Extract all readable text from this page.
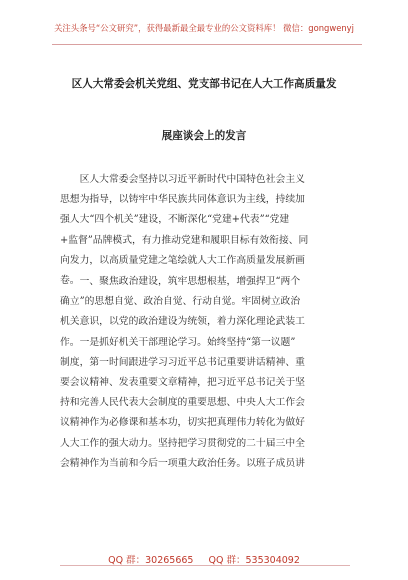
关注头条号“公文研究”，获得最新最全最专业的公文资料库！ 微信：gongwenyj
区人大常委会机关党组、党支部书记在人大工作高质量发
展座谈会上的发言
区人大常委会坚持以习近平新时代中国特色社会主义
思想为指导，以铸牢中华民族共同体意识为主线，持续加
强人大“四个机关”建设，不断深化“党建+代表”“党建
+监督”品牌模式，有力推动党建和履职目标有效衔接、同
向发力，以高质量党建之笔绘就人大工作高质量发展新画
卷。 一、聚焦政治建设，筑牢思想根基，增强捍卫“两个
确立”的思想自觉、政治自觉、行动自觉。牢固树立政治
机关意识，以党的政治建设为统领，着力深化理论武装工
作。一是抓好机关干部理论学习。始终坚持“第一议题”
制度，第一时间跟进学习习近平总书记重要讲话精神、重
要会议精神、发表重要文章精神，把习近平总书记关于坚
持和完善人民代表大会制度的重要思想、中央人大工作会
议精神作为必修课和基本功，切实把真理伟力转化为做好
人大工作的强大动力。坚持把学习贯彻党的二十届三中全
会精神作为当前和今后一项重大政治任务。以班子成员讲
QQ 群：30265665 QQ 群：535304092
